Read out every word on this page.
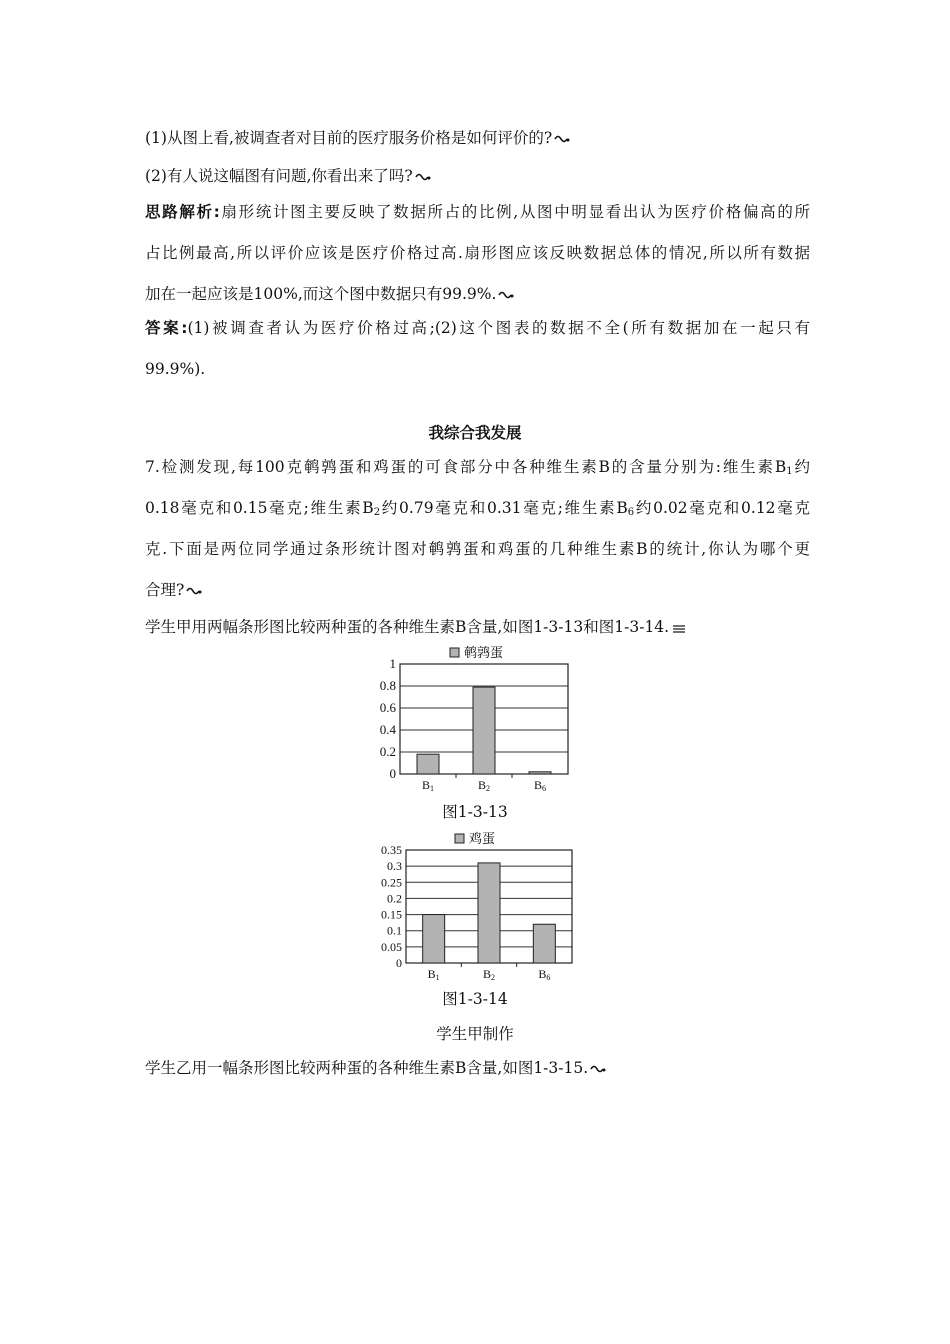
(1)从图上看,被调查者对目前的医疗服务价格是如何评价的?
(2)有人说这幅图有问题,你看出来了吗?
思路解析:扇形统计图主要反映了数据所占的比例,从图中明显看出认为医疗价格偏高的所
占比例最高,所以评价应该是医疗价格过高.扇形图应该反映数据总体的情况,所以所有数据
加在一起应该是100%,而这个图中数据只有99.9%.
答案:(1)被调查者认为医疗价格过高;(2)这个图表的数据不全(所有数据加在一起只有
99.9%).
我综合我发展
7.检测发现,每100克鹌鹑蛋和鸡蛋的可食部分中各种维生素B的含量分别为:维生素$B_1$约
0.18毫克和0.15毫克;维生素$B_2$约0.79毫克和0.31毫克;维生素$B_6$约0.02毫克和0.12毫克
克.下面是两位同学通过条形统计图对鹌鹑蛋和鸡蛋的几种维生素B的统计,你认为哪个更
合理?
学生甲用两幅条形图比较两种蛋的各种维生素B含量,如图1-3-13和图1-3-14.
0
0.2
0.4
0.6
0.8
1
B1	B2	B6
鹌鹑蛋
图1-3-13
0
0.05
0.1
0.15
0.2
0.25
0.3
0.35
B1	B2	B6
鸡蛋
图1-3-14
学生甲制作
学生乙用一幅条形图比较两种蛋的各种维生素B含量,如图1-3-15.
